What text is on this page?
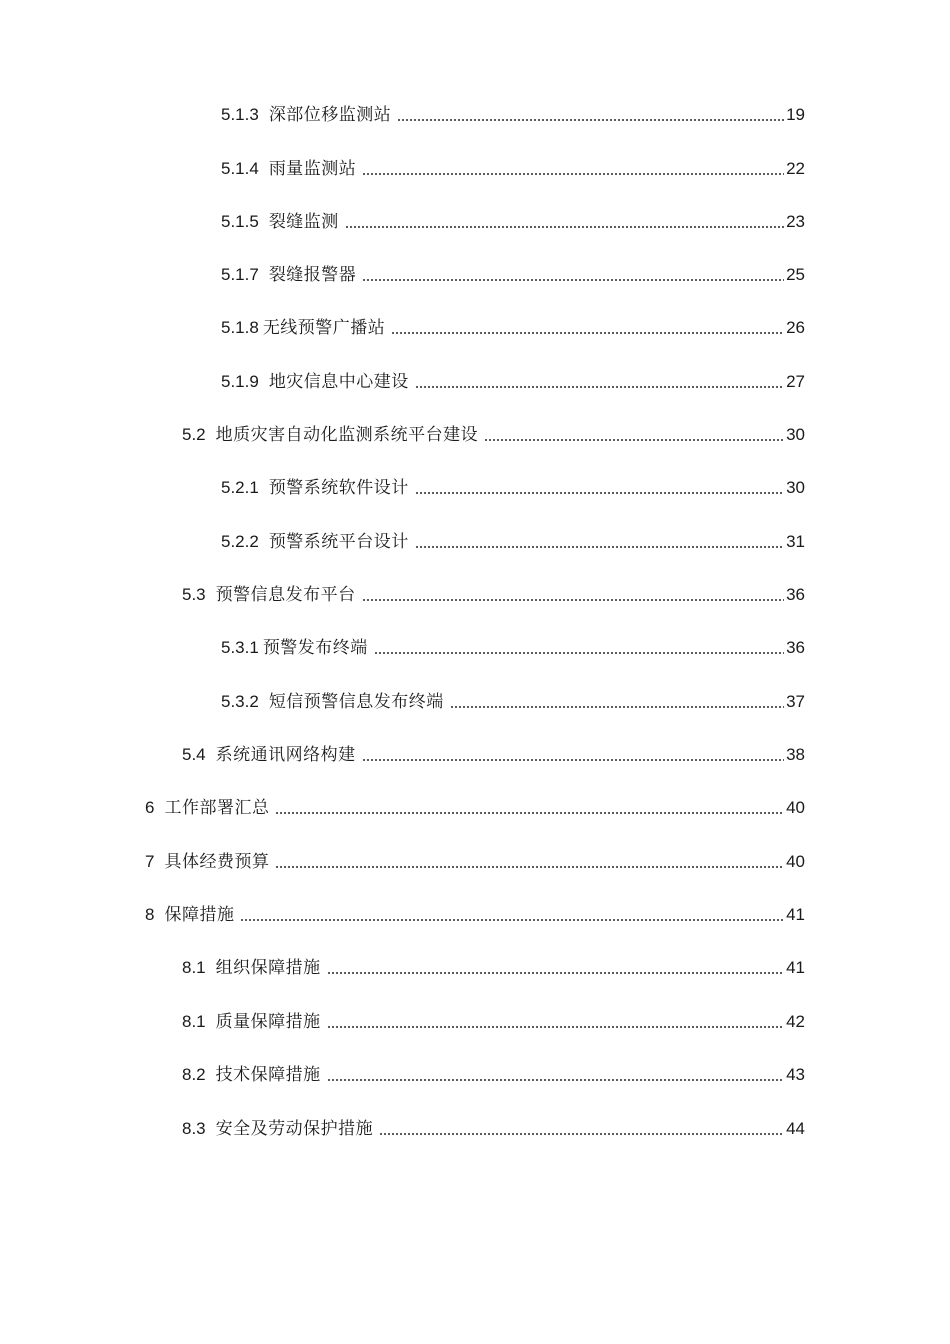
5.1.3 深部位移监测站	19
5.1.4 雨量监测站	22
5.1.5 裂缝监测	23
5.1.7 裂缝报警器	25
5.1.8 无线预警广播站	26
5.1.9 地灾信息中心建设	27
5.2 地质灾害自动化监测系统平台建设	30
5.2.1 预警系统软件设计	30
5.2.2 预警系统平台设计	31
5.3 预警信息发布平台	36
5.3.1 预警发布终端	36
5.3.2 短信预警信息发布终端	37
5.4 系统通讯网络构建	38
6 工作部署汇总	40
7 具体经费预算	40
8 保障措施	41
8.1 组织保障措施	41
8.1 质量保障措施	42
8.2 技术保障措施	43
8.3 安全及劳动保护措施	44
